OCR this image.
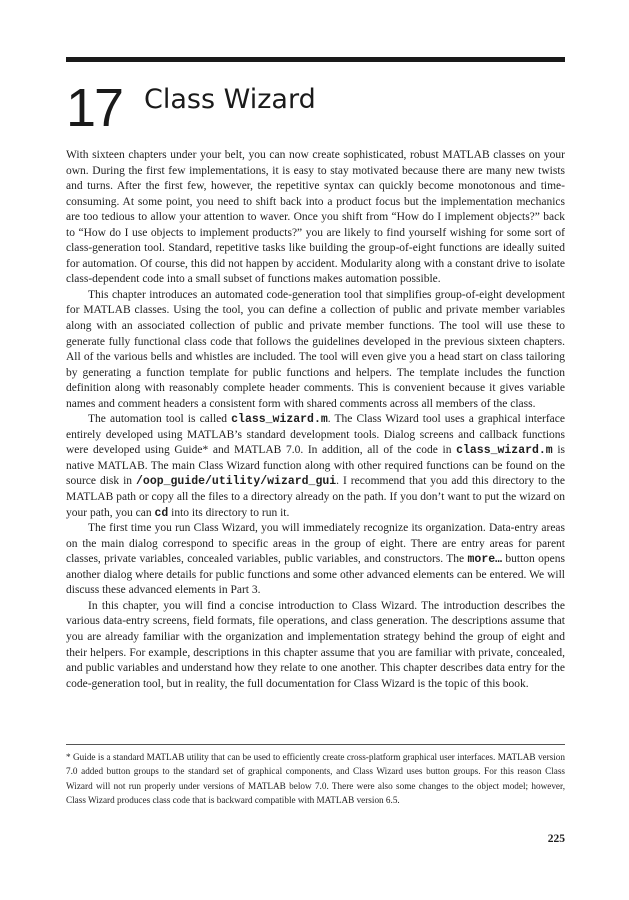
17 Class Wizard

With sixteen chapters under your belt, you can now create sophisticated, robust MATLAB classes on your own. During the first few implementations, it is easy to stay motivated because there are many new twists and turns. After the first few, however, the repetitive syntax can quickly become monotonous and time-consuming. At some point, you need to shift back into a product focus but the implementation mechanics are too tedious to allow your attention to waver. Once you shift from “How do I implement objects?” back to “How do I use objects to implement products?” you are likely to find yourself wishing for some sort of class-generation tool. Standard, repetitive tasks like building the group-of-eight functions are ideally suited for automation. Of course, this did not happen by accident. Modularity along with a constant drive to isolate class-dependent code into a small subset of functions makes automation possible.

This chapter introduces an automated code-generation tool that simplifies group-of-eight development for MATLAB classes. Using the tool, you can define a collection of public and private member variables along with an associated collection of public and private member functions. The tool will use these to generate fully functional class code that follows the guidelines developed in the previous sixteen chapters. All of the various bells and whistles are included. The tool will even give you a head start on class tailoring by generating a function template for public functions and helpers. The template includes the function definition along with reasonably complete header comments. This is convenient because it gives variable names and comment headers a consistent form with shared comments across all members of the class.

The automation tool is called class_wizard.m. The Class Wizard tool uses a graphical interface entirely developed using MATLAB’s standard development tools. Dialog screens and callback functions were developed using Guide* and MATLAB 7.0. In addition, all of the code in class_wizard.m is native MATLAB. The main Class Wizard function along with other required functions can be found on the source disk in /oop_guide/utility/wizard_gui. I recommend that you add this directory to the MATLAB path or copy all the files to a directory already on the path. If you don’t want to put the wizard on your path, you can cd into its directory to run it.

The first time you run Class Wizard, you will immediately recognize its organization. Data-entry areas on the main dialog correspond to specific areas in the group of eight. There are entry areas for parent classes, private variables, concealed variables, public variables, and constructors. The more… button opens another dialog where details for public functions and some other advanced elements can be entered. We will discuss these advanced elements in Part 3.

In this chapter, you will find a concise introduction to Class Wizard. The introduction describes the various data-entry screens, field formats, file operations, and class generation. The descriptions assume that you are already familiar with the organization and implementation strategy behind the group of eight and their helpers. For example, descriptions in this chapter assume that you are familiar with private, concealed, and public variables and understand how they relate to one another. This chapter describes data entry for the code-generation tool, but in reality, the full documentation for Class Wizard is the topic of this book.

* Guide is a standard MATLAB utility that can be used to efficiently create cross-platform graphical user interfaces. MATLAB version 7.0 added button groups to the standard set of graphical components, and Class Wizard uses button groups. For this reason Class Wizard will not run properly under versions of MATLAB below 7.0. There were also some changes to the object model; however, Class Wizard produces class code that is backward compatible with MATLAB version 6.5.
225
